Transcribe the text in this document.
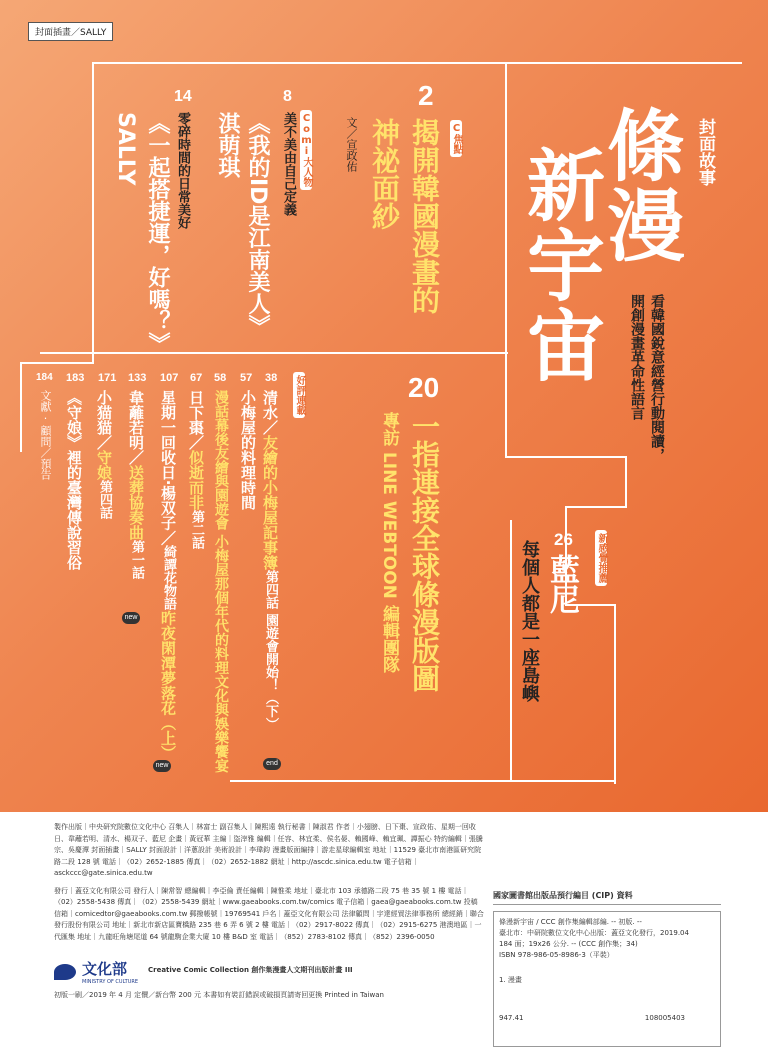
封面插畫／SALLY
封面故事
條漫
新宇宙	看韓國銳意經營行動閱讀，
開創漫畫革命性語言
26 新感覺推薦
藍尼
每個人都是一座島嶼
2
C焦點
文／宣政佑 揭開韓國漫畫的
神祕面紗
20
一指連接全球條漫版圖
專訪 LINE WEBTOON 編輯團隊
8
Comi大人物
美不美由自己定義
《我的ID是江南美人》
淇萌琪
14
零碎時間的日常美好
《一起搭捷運，好嗎？》
SALLY
好評連載
38
清水／友繪的小梅屋記事簿第四話 園遊會開始！（下）
end
57
小梅屋的料理時間
58
漫話幕後友繪與園遊會 小梅屋那個年代的料理文化與娛樂饗宴
67
日下棗／似逝而非第二話
107
星期一回收日‧楊双子／綺譚花物語昨夜閑潭夢落花（上）
new
133
韋蘺若明／送葬協奏曲第一話
new
171
小猫猫／守娘第四話
183
《守娘》裡的臺灣傳說習俗
184
文獻‧顧問／預告

製作出版｜中央研究院數位文化中心 召集人｜林富士 副召集人｜陳熙遠 執行秘書｜陳淑君 作者｜小翅膀、日下棗、宣政佑、星期一回收日、韋蘺若明、清水、楊双子、藍尼 企畫｜黃冠華 主編｜盜滓雅 編輯｜任容、林宜柔、侯名晏、賴國峰、賴宜珮、譚振心 特約編輯｜張騰宗、吳慶潭 封面插畫｜SALLY 封面設計｜洋蔥設計 美術設計｜李瑋鈞 漫畫版面編排｜游走星球編輯室 地址｜11529 臺北市南港區研究院路二段 128 號 電話｜（02）2652-1885 傳真｜（02）2652-1882 網址｜http://ascdc.sinica.edu.tw 電子信箱｜asckccc@gate.sinica.edu.tw

發行｜蓋亞文化有限公司 發行人｜陳常智 總編輯｜李亞倫 責任編輯｜陳惟柔 地址｜臺北市 103 承德路二段 75 巷 35 號 1 樓 電話｜（02）2558-5438 傳真｜（02）2558-5439 網址｜www.gaeabooks.com.tw/comics 電子信箱｜gaea@gaeabooks.com.tw 投稿信箱｜comicedtor@gaeabooks.com.tw 郵撥帳號｜19769541 戶名｜蓋亞文化有限公司 法律顧問｜宇達經貿法律事務所 總經銷｜聯合發行股份有限公司 地址｜新北市新店區寶橋路 235 巷 6 弄 6 號 2 樓 電話｜（02）2917-8022 傳真｜（02）2915-6275 港澳地區｜一代匯集 地址｜九龍旺角塘尾道 64 號龍駒企業大廈 10 樓 B&D 室 電話｜（852）2783-8102 傳真｜（852）2396-0050

文化部
MINISTRY OF CULTURE
Creative Comic Collection 創作集漫畫人文期刊出版計畫 III
初版一刷／2019 年 4 月 定價／新台幣 200 元 本書如有裝訂錯誤或破損頁請寄回更換 Printed in Taiwan
國家圖書館出版品預行編目 (CIP) 資料
條漫新宇宙 / CCC 創作集編輯部編. -- 初版. --
臺北市：中研院數位文化中心出版：蓋亞文化發行，2019.04
184 面；19x26 公分. -- (CCC 創作集；34)
ISBN 978-986-05-8986-3（平裝）
1. 漫畫
947.41	108005403
